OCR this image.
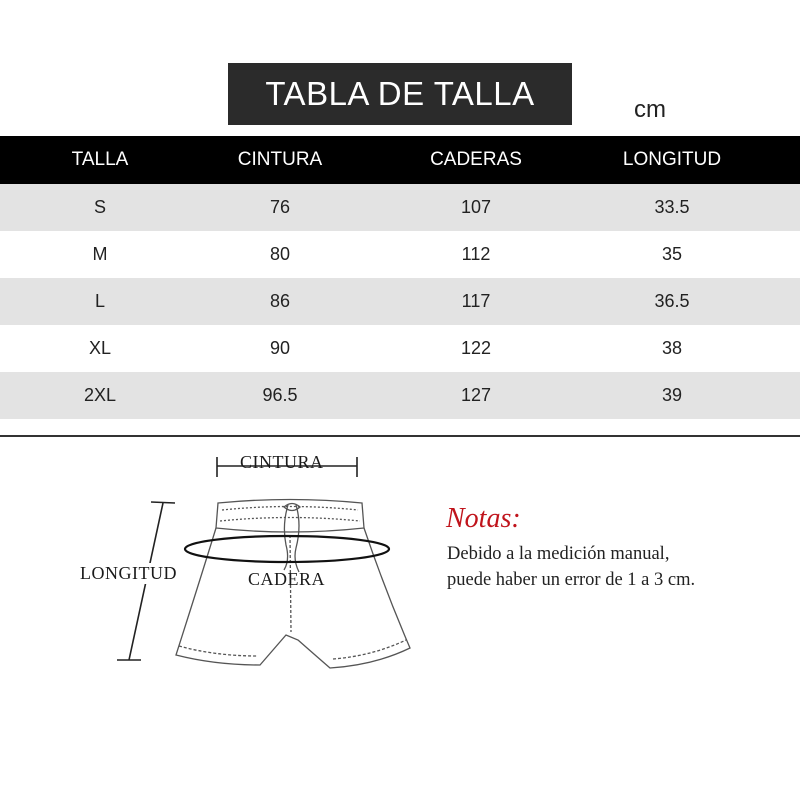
TABLA DE TALLA	cm
TALLA	CINTURA	CADERAS	LONGITUD
S	76	107	33.5
M	80	112	35
L	86	117	36.5
XL	90	122	38
2XL	96.5	127	39
CINTURA
LONGITUD	CADERA
Notas:
Debido a la medición manual,
puede haber un error de 1 a 3 cm.
